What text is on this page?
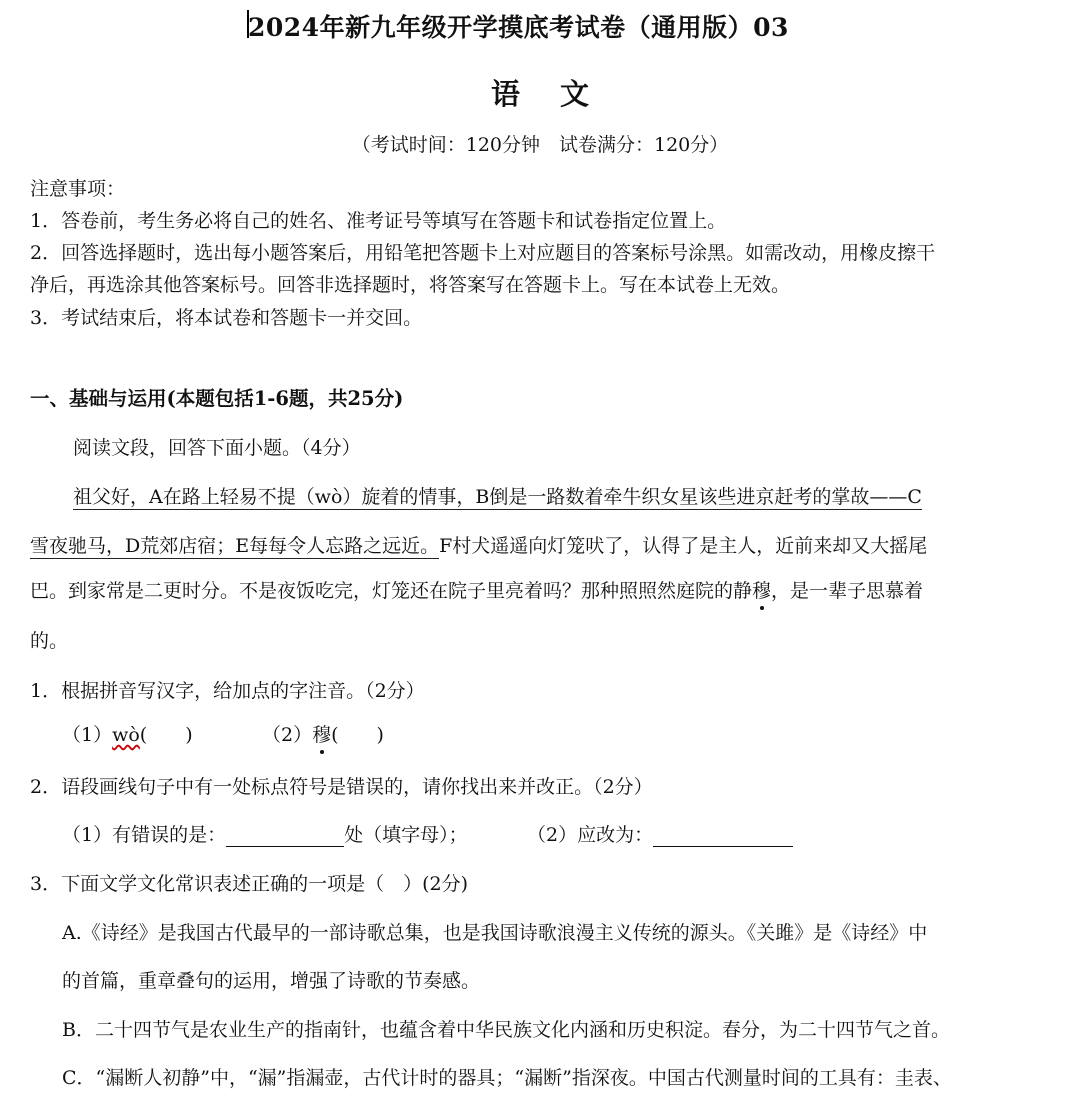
2024年新九年级开学摸底考试卷（通用版）03
语文
（考试时间：120分钟　试卷满分：120分）
注意事项：
1．答卷前，考生务必将自己的姓名、准考证号等填写在答题卡和试卷指定位置上。
2．回答选择题时，选出每小题答案后，用铅笔把答题卡上对应题目的答案标号涂黑。如需改动，用橡皮擦干
净后，再选涂其他答案标号。回答非选择题时，将答案写在答题卡上。写在本试卷上无效。
3．考试结束后，将本试卷和答题卡一并交回。
一、基础与运用(本题包括1-6题，共25分)
阅读文段，回答下面小题。（4分）
祖父好，A在路上轻易不提（wò）旋着的情事，B倒是一路数着牵牛织女星该些进京赶考的掌故——C
雪夜驰马，D荒郊店宿；E每每令人忘路之远近。F村犬遥遥向灯笼吠了，认得了是主人，近前来却又大摇尾
巴。到家常是二更时分。不是夜饭吃完，灯笼还在院子里亮着吗？那种照照然庭院的静穆，是一辈子思慕着
的。
1．根据拼音写汉字，给加点的字注音。（2分）
（1）wò(　　)	（2）穆(　　)
2．语段画线句子中有一处标点符号是错误的，请你找出来并改正。（2分）
（1）有错误的是：	处（填字母）；	（2）应改为：
3．下面文学文化常识表述正确的一项是（　）(2分)
A.《诗经》是我国古代最早的一部诗歌总集，也是我国诗歌浪漫主义传统的源头。《关雎》是《诗经》中
的首篇，重章叠句的运用，增强了诗歌的节奏感。
B．二十四节气是农业生产的指南针，也蕴含着中华民族文化内涵和历史积淀。春分，为二十四节气之首。
C．“漏断人初静”中，“漏”指漏壶，古代计时的器具；“漏断”指深夜。中国古代测量时间的工具有：圭表、
